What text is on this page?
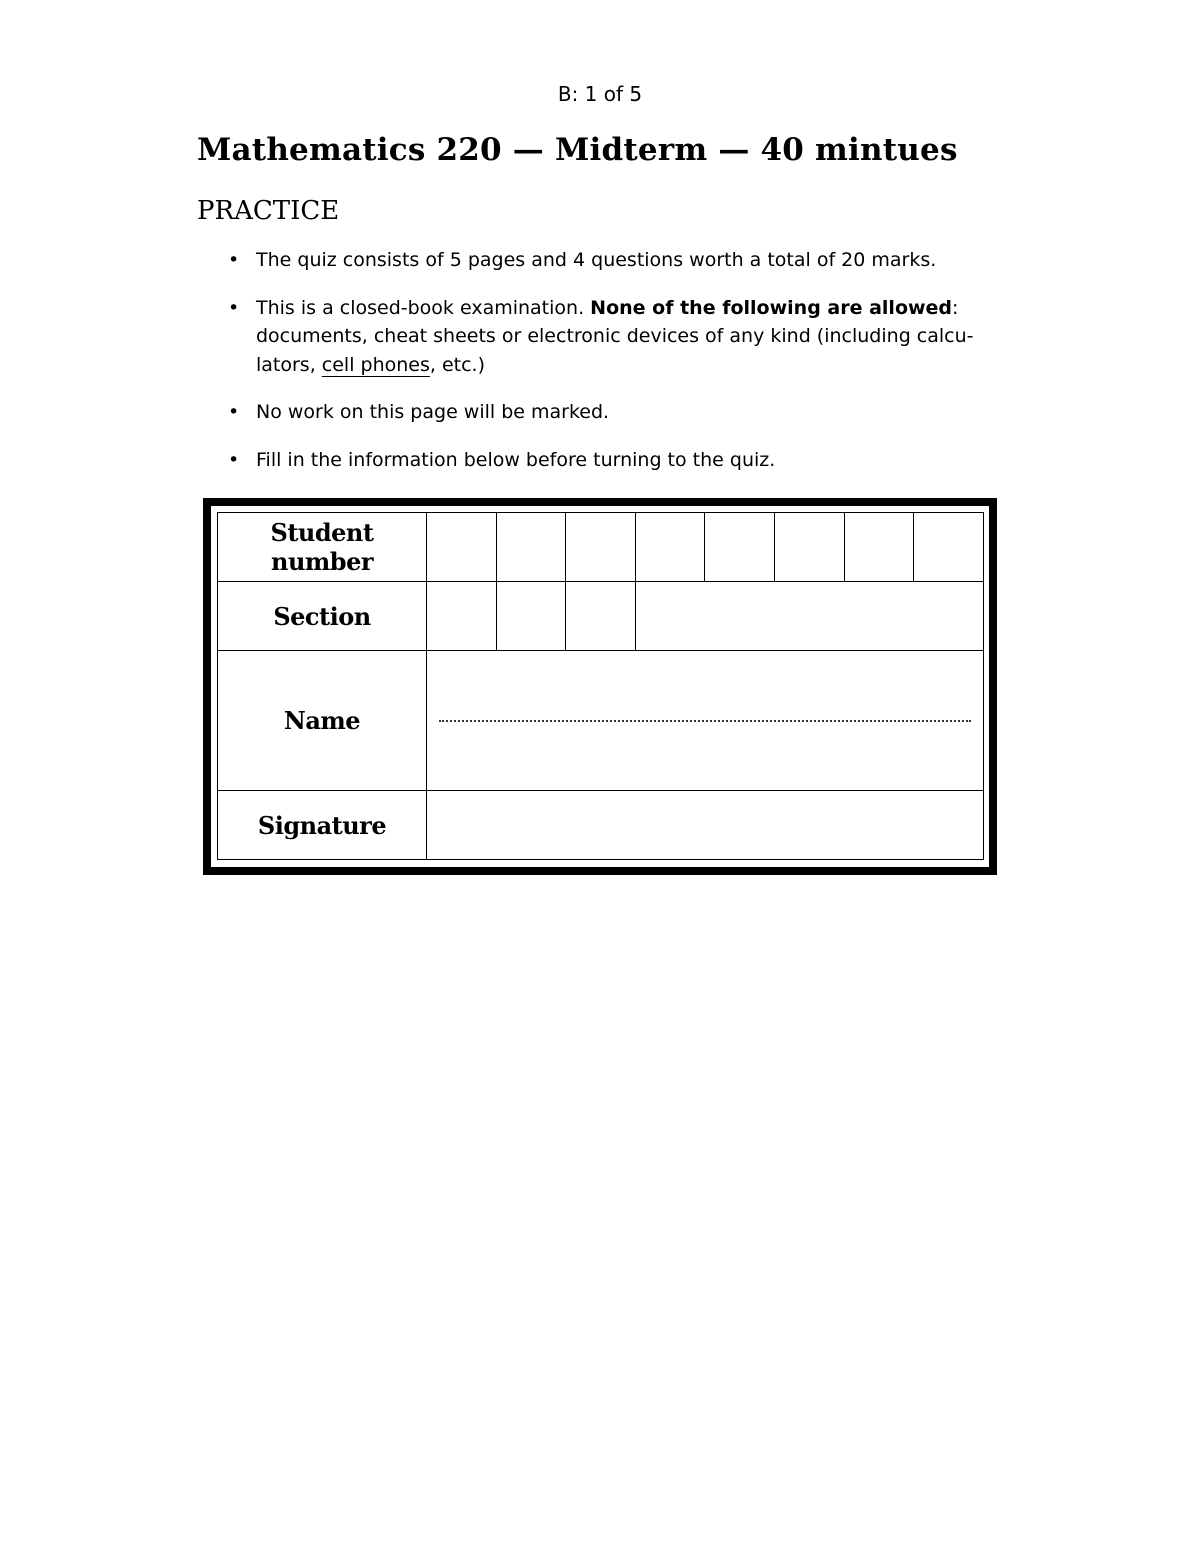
B: 1 of 5
Mathematics 220 — Midterm — 40 mintues
PRACTICE
• The quiz consists of 5 pages and 4 questions worth a total of 20 marks.
• This is a closed-book examination. None of the following are allowed: documents, cheat sheets or electronic devices of any kind (including calcu-lators, cell phones, etc.)
• No work on this page will be marked.
• Fill in the information below before turning to the quiz.
Student number								
Section								
Name								

Signature								
